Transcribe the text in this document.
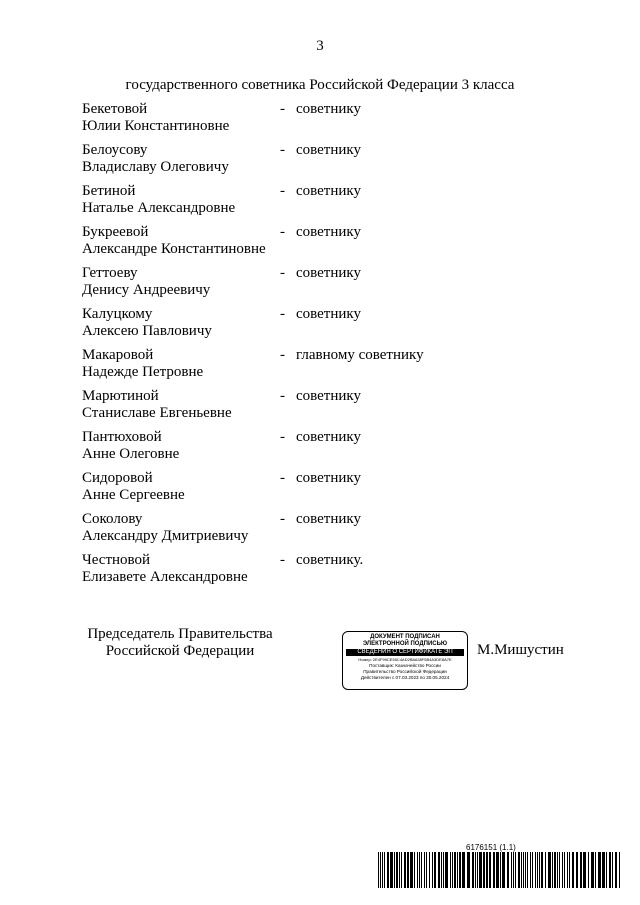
3
государственного советника Российской Федерации 3 класса
Бекетовой
Юлии Константиновне
- советнику
Белоусову
Владиславу Олеговичу
- советнику
Бетиной
Наталье Александровне
- советнику
Букреевой
Александре Константиновне
- советнику
Геттоеву
Денису Андреевичу
- советнику
Калуцкому
Алексею Павловичу
- советнику
Макаровой
Надежде Петровне
- главному советнику
Марютиной
Станиславе Евгеньевне
- советнику
Пантюховой
Анне Олеговне
- советнику
Сидоровой
Анне Сергеевне
- советнику
Соколову
Александру Дмитриевичу
- советнику
Честновой
Елизавете Александровне
- советнику.
Председатель Правительства
Российской Федерации
ДОКУМЕНТ ПОДПИСАН
ЭЛЕКТРОННОЙ ПОДПИСЬЮ
СВЕДЕНИЯ О СЕРТИФИКАТЕ ЭП
Номер: 2E4F99CE55C4AD2B8A38F5B4A3DE8A7E
Поставщик: Казначейство России
Правительство Российской Федерации
Действителен с 07.03.2023 по 30.05.2024
М.Мишустин
6176151 (1.1)
